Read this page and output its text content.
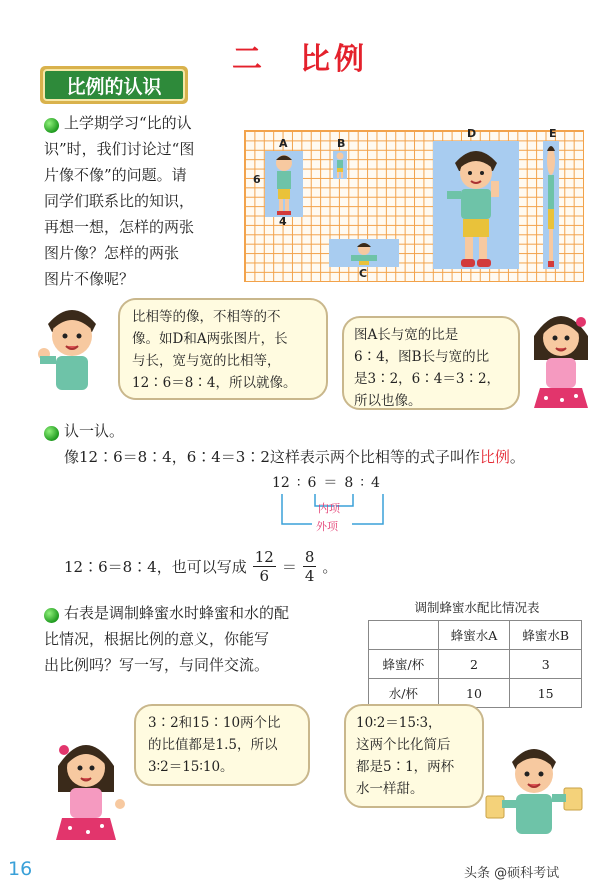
二　比例
比例的认识
上学期学习“比的认
识”时，我们讨论过“图
片像不像”的问题。请
同学们联系比的知识，
再想一想，怎样的两张
图片像？怎样的两张
图片不像呢？
A
6
4
B
C
D	E
比相等的像，不相等的不
像。如D和A两张图片，长
与长，宽与宽的比相等，
12∶6＝8∶4，所以就像。
图A长与宽的比是
6∶4，图B长与宽的比
是3∶2，6∶4＝3∶2，
所以也像。
认一认。
像12∶6＝8∶4，6∶4＝3∶2这样表示两个比相等的式子叫作比例。
12 ∶ 6 ＝ 8 ∶ 4
内项
外项
12∶6＝8∶4，也可以写成
12
6
＝
8
4
。
右表是调制蜂蜜水时蜂蜜和水的配
比情况，根据比例的意义，你能写
出比例吗？写一写，与同伴交流。
调制蜂蜜水配比情况表
	蜂蜜水A	蜂蜜水B
蜂蜜/杯	2	3
水/杯	10	15
3∶2和15∶10两个比
的比值都是1.5，所以
3∶2＝15∶10。
10∶2＝15∶3，
这两个比化简后
都是5∶1，两杯
水一样甜。
16	头条 @硕科考试
